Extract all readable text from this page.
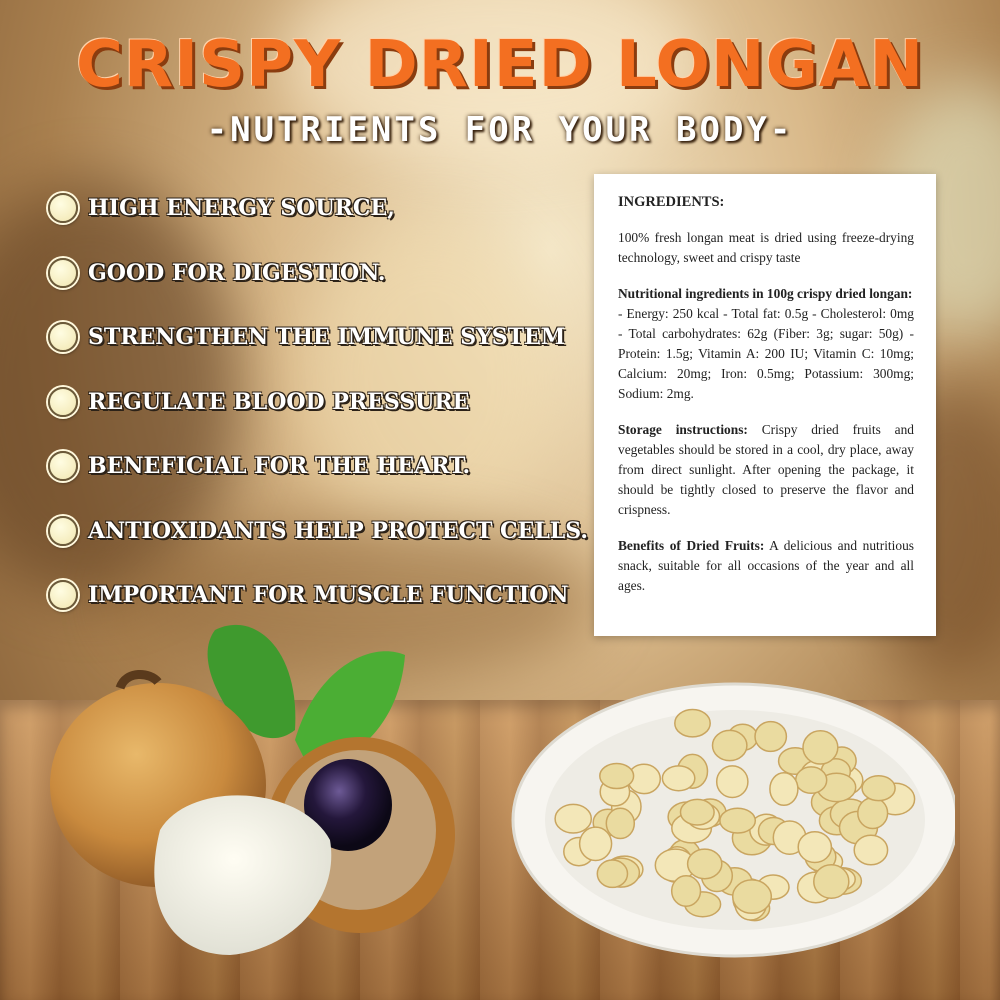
CRISPY DRIED LONGAN
-NUTRIENTS FOR YOUR BODY-
HIGH ENERGY SOURCE,
GOOD FOR DIGESTION.
STRENGTHEN THE IMMUNE SYSTEM
REGULATE BLOOD PRESSURE
BENEFICIAL FOR THE HEART.
ANTIOXIDANTS HELP PROTECT CELLS.
IMPORTANT FOR MUSCLE FUNCTION

INGREDIENTS:

100% fresh longan meat is dried using freeze-drying technology, sweet and crispy taste

Nutritional ingredients in 100g crispy dried longan:

- Energy: 250 kcal - Total fat: 0.5g - Cholesterol: 0mg - Total carbohydrates: 62g (Fiber: 3g; sugar: 50g) - Protein: 1.5g; Vitamin A: 200 IU; Vitamin C: 10mg; Calcium: 20mg; Iron: 0.5mg; Potassium: 300mg; Sodium: 2mg.

Storage instructions: Crispy dried fruits and vegetables should be stored in a cool, dry place, away from direct sunlight. After opening the package, it should be tightly closed to preserve the flavor and crispness.

Benefits of Dried Fruits: A delicious and nutritious snack, suitable for all occasions of the year and all ages.
